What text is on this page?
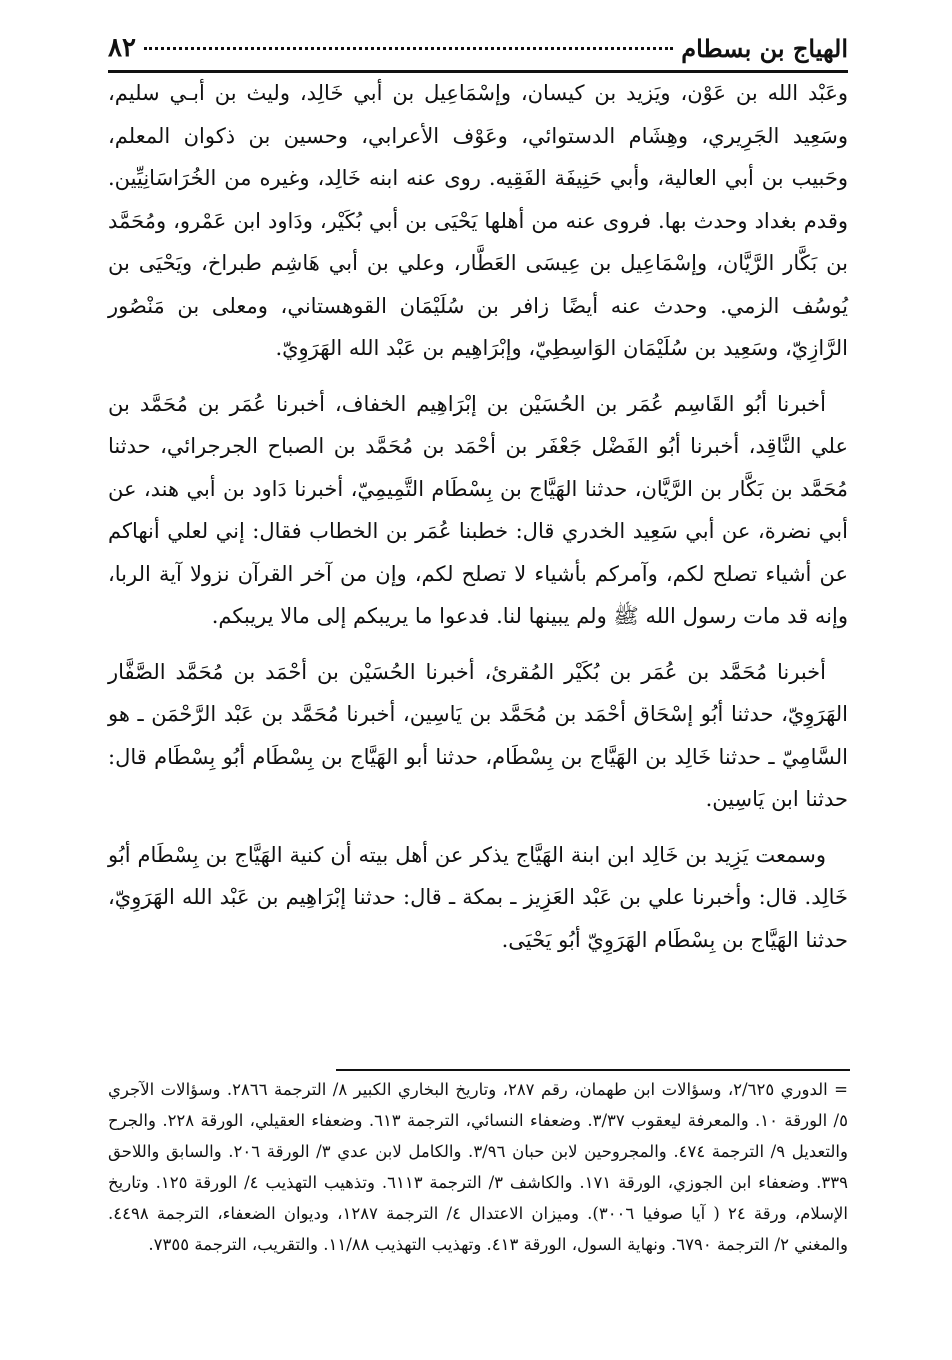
٨٢	الهياج بن بسطام

وعَبْد الله بن عَوْن، ويَزيد بن كيسان، وإسْمَاعِيل بن أبي خَالِد، وليث بن أبـي سليم، وسَعِيد الجَرِيري، وهِشَام الدستوائي، وعَوْف الأعرابي، وحسين بن ذكوان المعلم، وحَبيب بن أبي العالية، وأبي حَنِيفَة الفَقِيه. روى عنه ابنه خَالِد، وغيره من الخُرَاسَانِيِّين. وقدم بغداد وحدث بها. فروى عنه من أهلها يَحْيَى بن أبي بُكَيْر، ودَاود ابن عَمْرو، ومُحَمَّد بن بَكَّار الرَّيَّان، وإسْمَاعِيل بن عِيسَى العَطَّار، وعلي بن أبي هَاشِم طبراخ، ويَحْيَى بن يُوسُف الزمي. وحدث عنه أيضًا زافر بن سُلَيْمَان القوهستاني، ومعلى بن مَنْصُور الرَّازِيّ، وسَعِيد بن سُلَيْمَان الوَاسِطِيّ، وإبْرَاهِيم بن عَبْد الله الهَرَوِيّ.

أخبرنا أبُو القَاسِم عُمَر بن الحُسَيْن بن إبْرَاهِيم الخفاف، أخبرنا عُمَر بن مُحَمَّد بن علي النَّاقِد، أخبرنا أبُو الفَضْل جَعْفَر بن أحْمَد بن مُحَمَّد بن الصباح الجرجرائي، حدثنا مُحَمَّد بن بَكَّار بن الرَّيَّان، حدثنا الهَيَّاج بن بِسْطَام التَّمِيمِيّ، أخبرنا دَاود بن أبي هند، عن أبي نضرة، عن أبي سَعِيد الخدري قال: خطبنا عُمَر بن الخطاب فقال: إني لعلي أنهاكم عن أشياء تصلح لكم، وآمركم بأشياء لا تصلح لكم، وإن من آخر القرآن نزولا آية الربا، وإنه قد مات رسول الله ﷺ ولم يبينها لنا. فدعوا ما يريبكم إلى مالا يريبكم.

أخبرنا مُحَمَّد بن عُمَر بن بُكَيْر المُقرئ، أخبرنا الحُسَيْن بن أحْمَد بن مُحَمَّد الصَّفَّار الهَرَوِيّ، حدثنا أبُو إسْحَاق أحْمَد بن مُحَمَّد بن يَاسِين، أخبرنا مُحَمَّد بن عَبْد الرَّحْمَن ـ هو السَّامِيّ ـ حدثنا خَالِد بن الهَيَّاج بن بِسْطَام، حدثنا أبو الهَيَّاج بن بِسْطَام أبُو بِسْطَام قال: حدثنا ابن يَاسِين.

وسمعت يَزِيد بن خَالِد ابن ابنة الهَيَّاج يذكر عن أهل بيته أن كنية الهَيَّاج بن بِسْطَام أبُو خَالِد. قال: وأخبرنا علي بن عَبْد العَزِيز ـ بمكة ـ قال: حدثنا إبْرَاهِيم بن عَبْد الله الهَرَوِيّ، حدثنا الهَيَّاج بن بِسْطَام الهَرَوِيّ أبُو يَحْيَى.

= الدوري ٢/٦٢٥، وسؤالات ابن طهمان، رقم ٢٨٧، وتاريخ البخاري الكبير ٨/ الترجمة ٢٨٦٦. وسؤالات الآجري ٥/ الورقة ١٠. والمعرفة ليعقوب ٣/٣٧. وضعفاء النسائي، الترجمة ٦١٣. وضعفاء العقيلي، الورقة ٢٢٨. والجرح والتعديل ٩/ الترجمة ٤٧٤. والمجروحين لابن حبان ٣/٩٦. والكامل لابن عدي ٣/ الورقة ٢٠٦. والسابق واللاحق ٣٣٩. وضعفاء ابن الجوزي، الورقة ١٧١. والكاشف ٣/ الترجمة ٦١١٣. وتذهيب التهذيب ٤/ الورقة ١٢٥. وتاريخ الإسلام، ورقة ٢٤ ( آيا صوفيا ٣٠٠٦). وميزان الاعتدال ٤/ الترجمة ١٢٨٧، وديوان الضعفاء، الترجمة ٤٤٩٨. والمغني ٢/ الترجمة ٦٧٩٠. ونهاية السول، الورقة ٤١٣. وتهذيب التهذيب ١١/٨٨. والتقريب، الترجمة ٧٣٥٥.
